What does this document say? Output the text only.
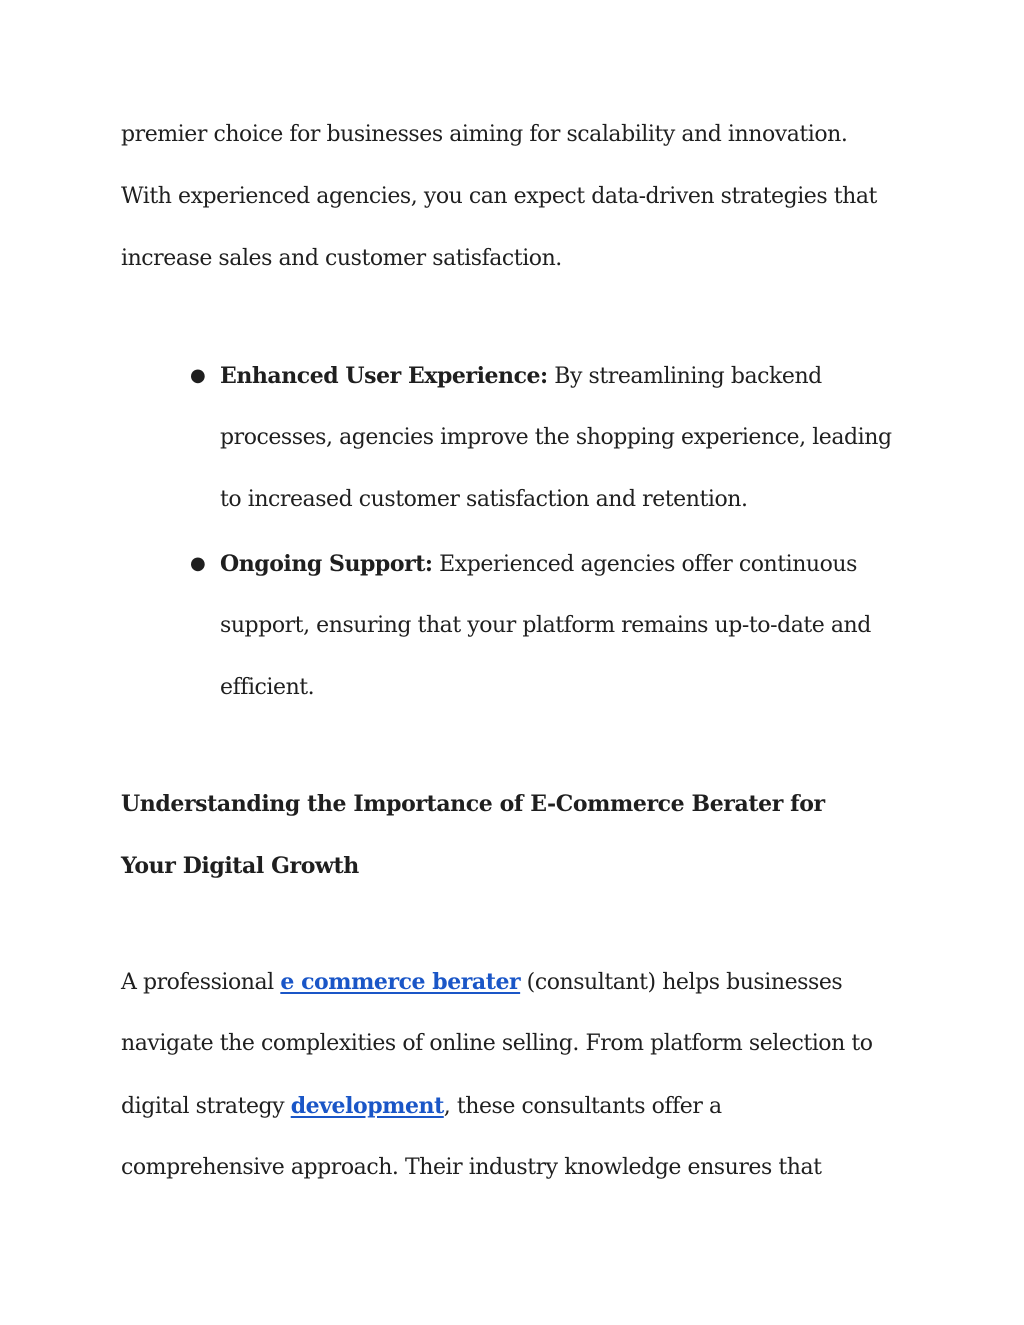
premier choice for businesses aiming for scalability and innovation.
With experienced agencies, you can expect data-driven strategies that
increase sales and customer satisfaction.
● Enhanced User Experience: By streamlining backend
processes, agencies improve the shopping experience, leading
to increased customer satisfaction and retention.
● Ongoing Support: Experienced agencies offer continuous
support, ensuring that your platform remains up-to-date and
efficient.
Understanding the Importance of E-Commerce Berater for
Your Digital Growth
A professional e commerce berater (consultant) helps businesses
navigate the complexities of online selling. From platform selection to
digital strategy development, these consultants offer a
comprehensive approach. Their industry knowledge ensures that
